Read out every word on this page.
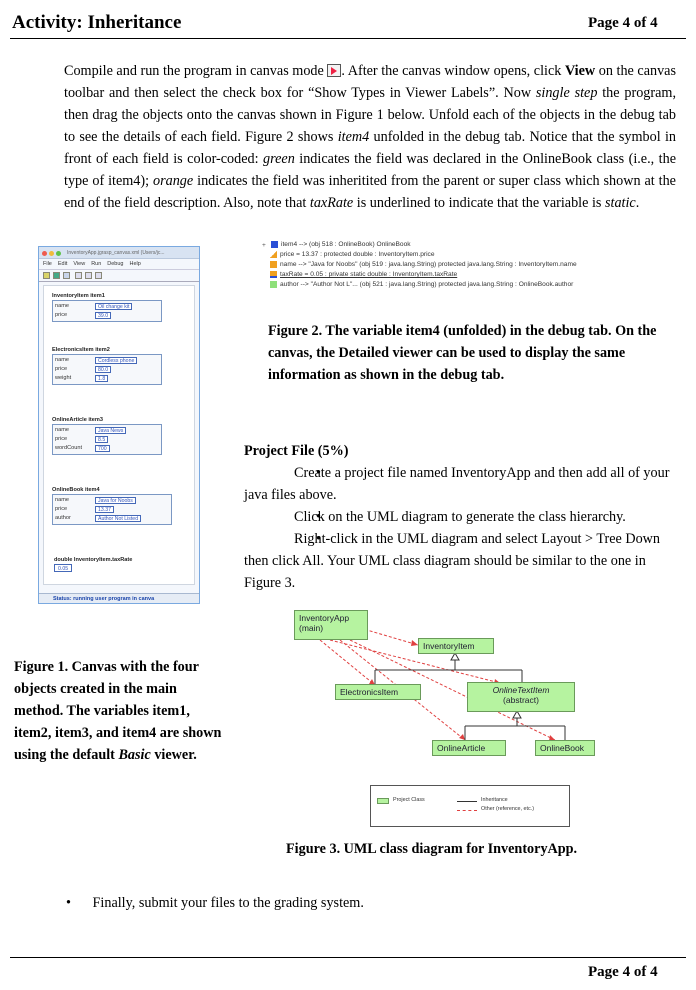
Activity: Inheritance	Page 4 of 4
Compile and run the program in canvas mode
. After the canvas window opens, click View on the canvas toolbar and then select the check box for “Show Types in Viewer Labels”. Now single step the program, then drag the objects onto the canvas shown in Figure 1 below. Unfold each of the objects in the debug tab to see the details of each field. Figure 2 shows item4 unfolded in the debug tab. Notice that the symbol in front of each field is color-coded: green indicates the field was declared in the OnlineBook class (i.e., the type of item4); orange indicates the field was inheritited from the parent or super class which shown at the end of the field description. Also, note that taxRate is underlined to indicate that the variable is static.
InventoryApp.jgrasp_canvas.xml (Users/jc...
File Edit View Run Debug Help
InventoryItem item1
name	Oil change kit
price	39.0
ElectronicsItem item2
name	Cordless phone
price	80.0
weight	1.8
OnlineArticle item3
name	Java News
price	8.5
wordCount	700
OnlineBook item4
name	Java for Noobs
price	13.37
author	Author Not Listed
double InventoryItem.taxRate
0.05
Status: running user program in canva
+ item4 --> (obj 518 : OnlineBook) OnlineBook
price = 13.37 : protected double : InventoryItem.price
name --> "Java for Noobs" (obj 519 : java.lang.String) protected java.lang.String : InventoryItem.name
taxRate = 0.05 : private static double : InventoryItem.taxRate
author --> "Author Not L"... (obj 521 : java.lang.String) protected java.lang.String : OnlineBook.author
Figure 2. The variable item4 (unfolded) in the debug tab. On the canvas, the Detailed viewer can be used to display the same information as shown in the debug tab.
Project File (5%)
• Create a project file named InventoryApp and then add all of your java files above.
• Click on the UML diagram to generate the class hierarchy.
• Right-click in the UML diagram and select Layout > Tree Down then click All. Your UML class diagram should be similar to the one in Figure 3.
Figure 1. Canvas with the four objects created in the main method. The variables item1, item2, item3, and item4 are shown using the default Basic viewer.
InventoryApp
(main)
InventoryItem
ElectronicsItem	OnlineTextItem
(abstract)
OnlineArticle	OnlineBook
Project Class	Inheritance
Other (reference, etc.)
Figure 3. UML class diagram for InventoryApp.
• Finally, submit your files to the grading system.
Page 4 of 4
